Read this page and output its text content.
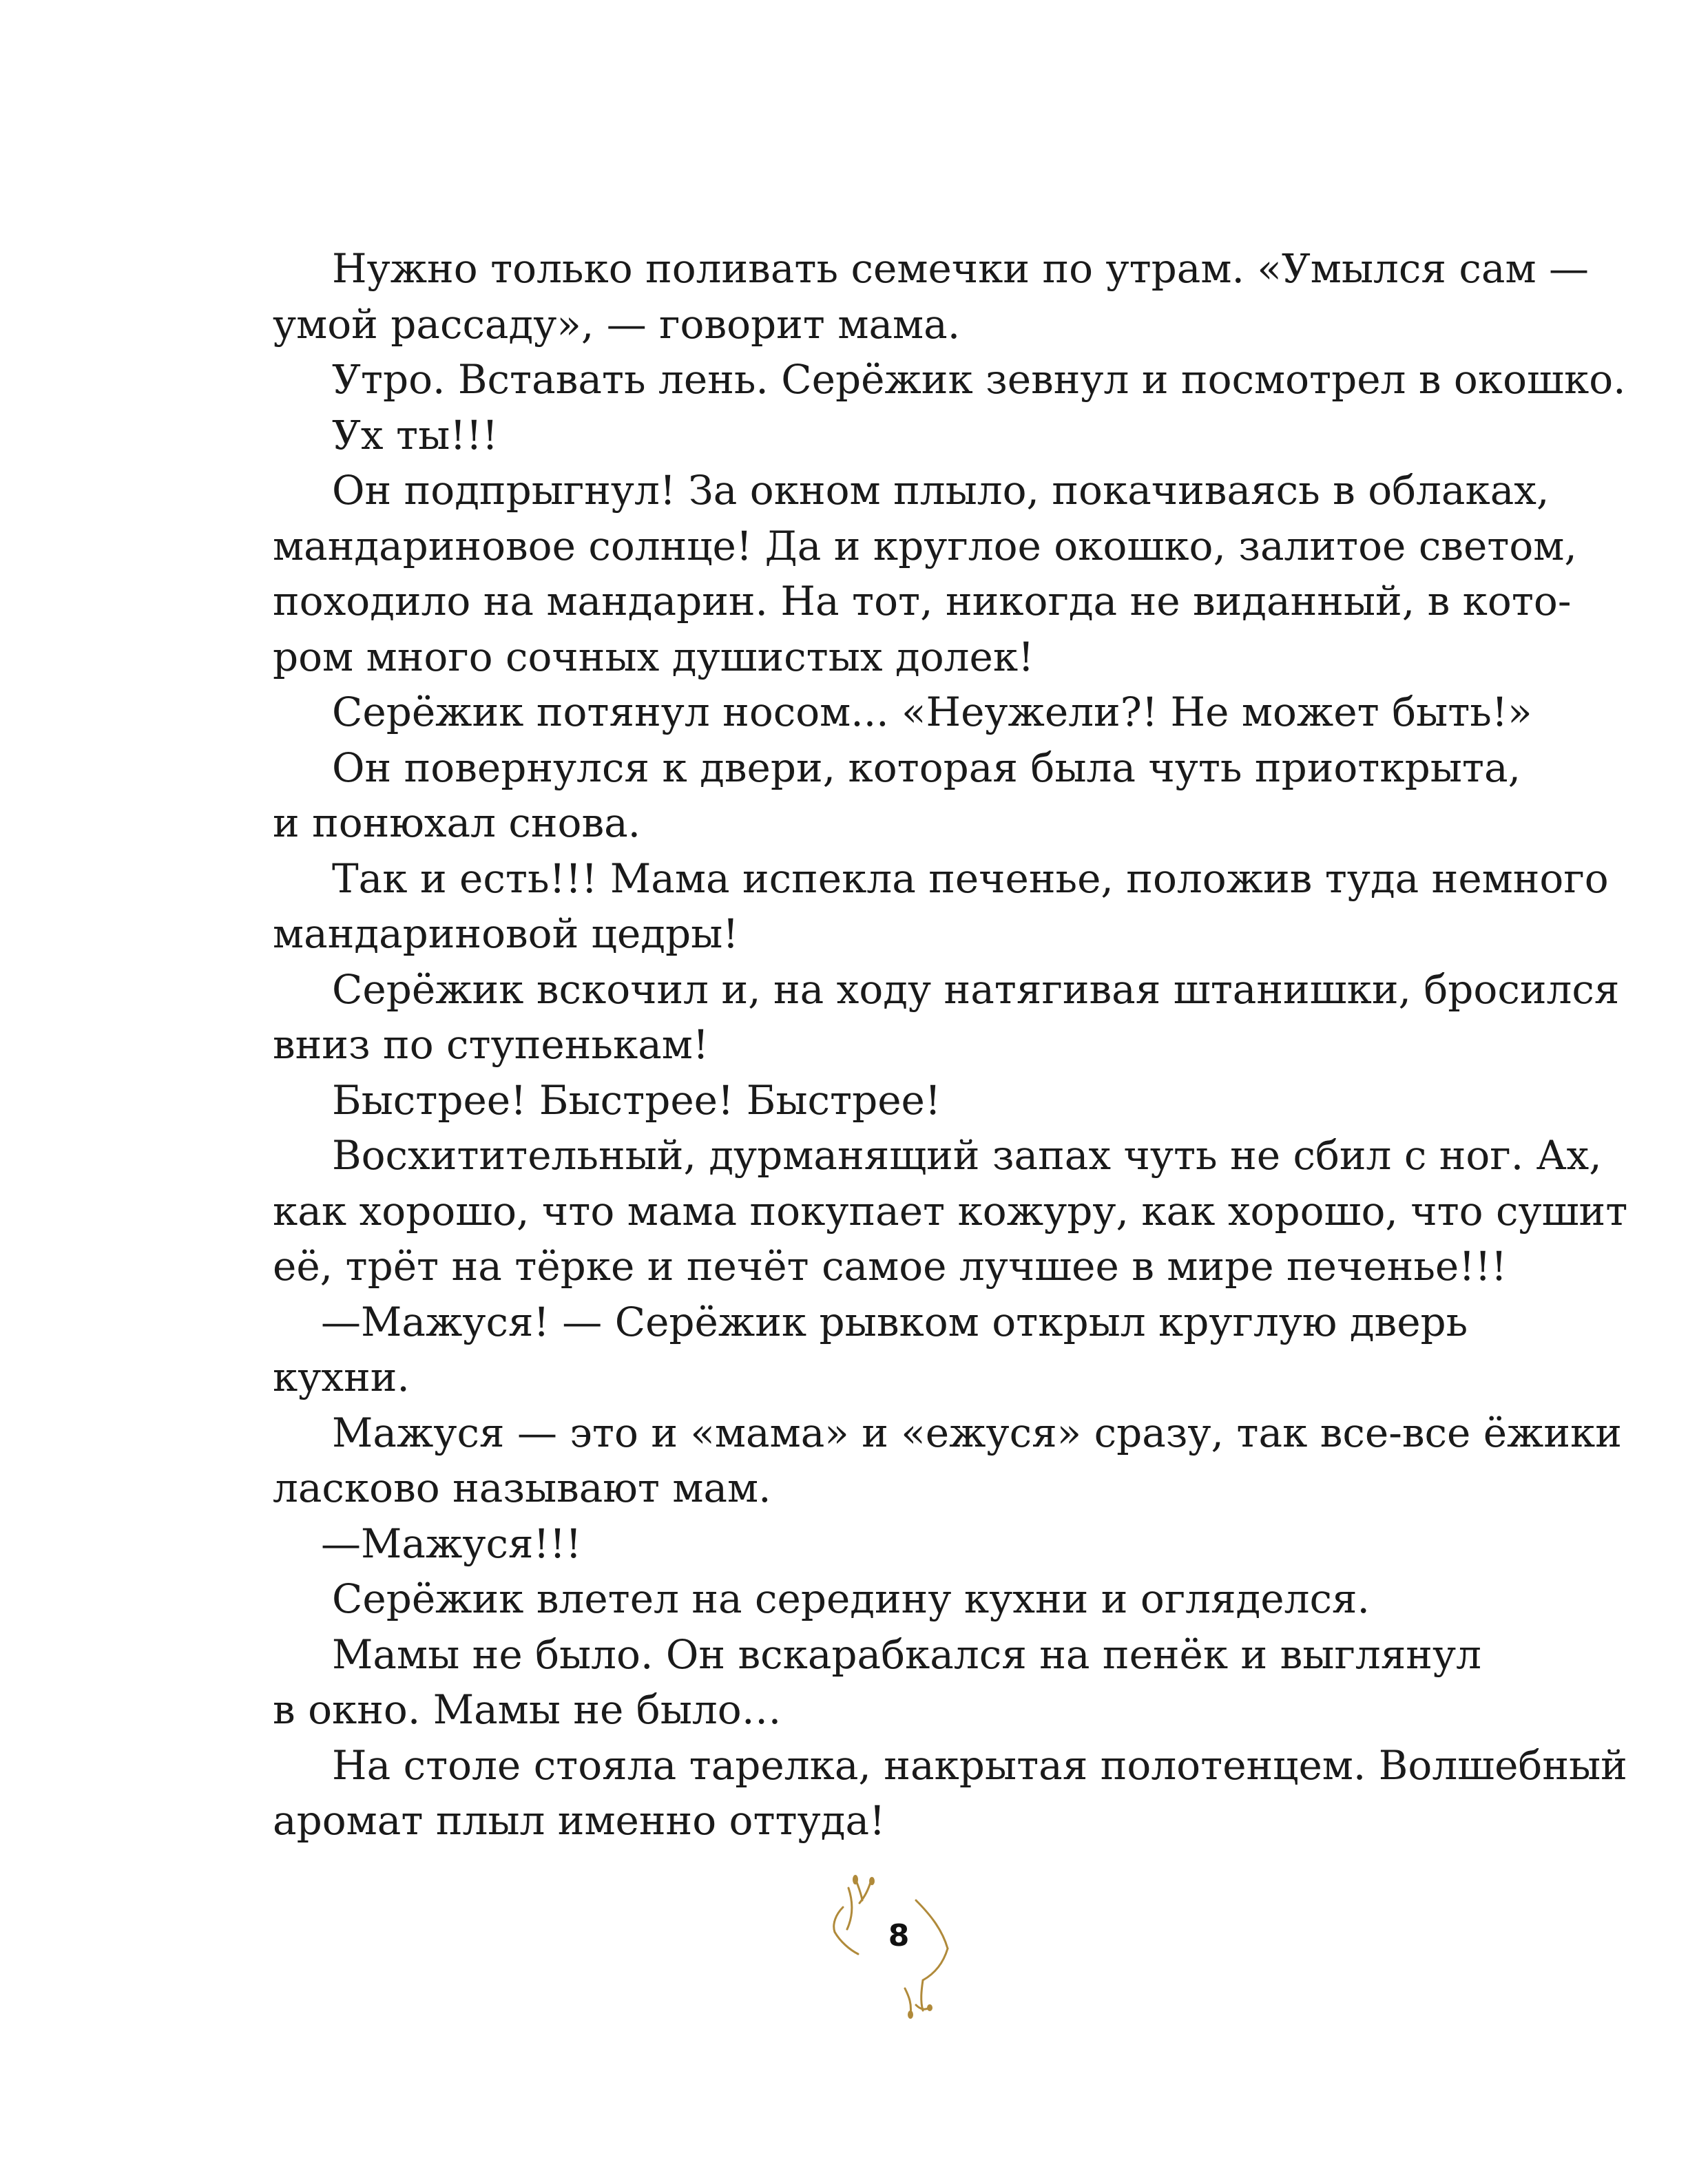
Нужно только поливать семечки по утрам. «Умылся сам —
умой рассаду», — говорит мама.
Утро. Вставать лень. Серёжик зевнул и посмотрел в окошко.
Ух ты!!!
Он подпрыгнул! За окном плыло, покачиваясь в облаках,
мандариновое солнце! Да и круглое окошко, залитое светом,
походило на мандарин. На тот, никогда не виданный, в кото-
ром много сочных душистых долек!
Серёжик потянул носом... «Неужели?! Не может быть!»
Он повернулся к двери, которая была чуть приоткрыта,
и понюхал снова.
Так и есть!!! Мама испекла печенье, положив туда немного
мандариновой цедры!
Серёжик вскочил и, на ходу натягивая штанишки, бросился
вниз по ступенькам!
Быстрее! Быстрее! Быстрее!
Восхитительный, дурманящий запах чуть не сбил с ног. Ах,
как хорошо, что мама покупает кожуру, как хорошо, что сушит
её, трёт на тёрке и печёт самое лучшее в мире печенье!!!
—Мажуся! — Серёжик рывком открыл круглую дверь
кухни.
Мажуся — это и «мама» и «ежуся» сразу, так все-все ёжики
ласково называют мам.
—Мажуся!!!
Серёжик влетел на середину кухни и огляделся.
Мамы не было. Он вскарабкался на пенёк и выглянул
в окно. Мамы не было…
На столе стояла тарелка, накрытая полотенцем. Волшебный
аромат плыл именно оттуда!
8
